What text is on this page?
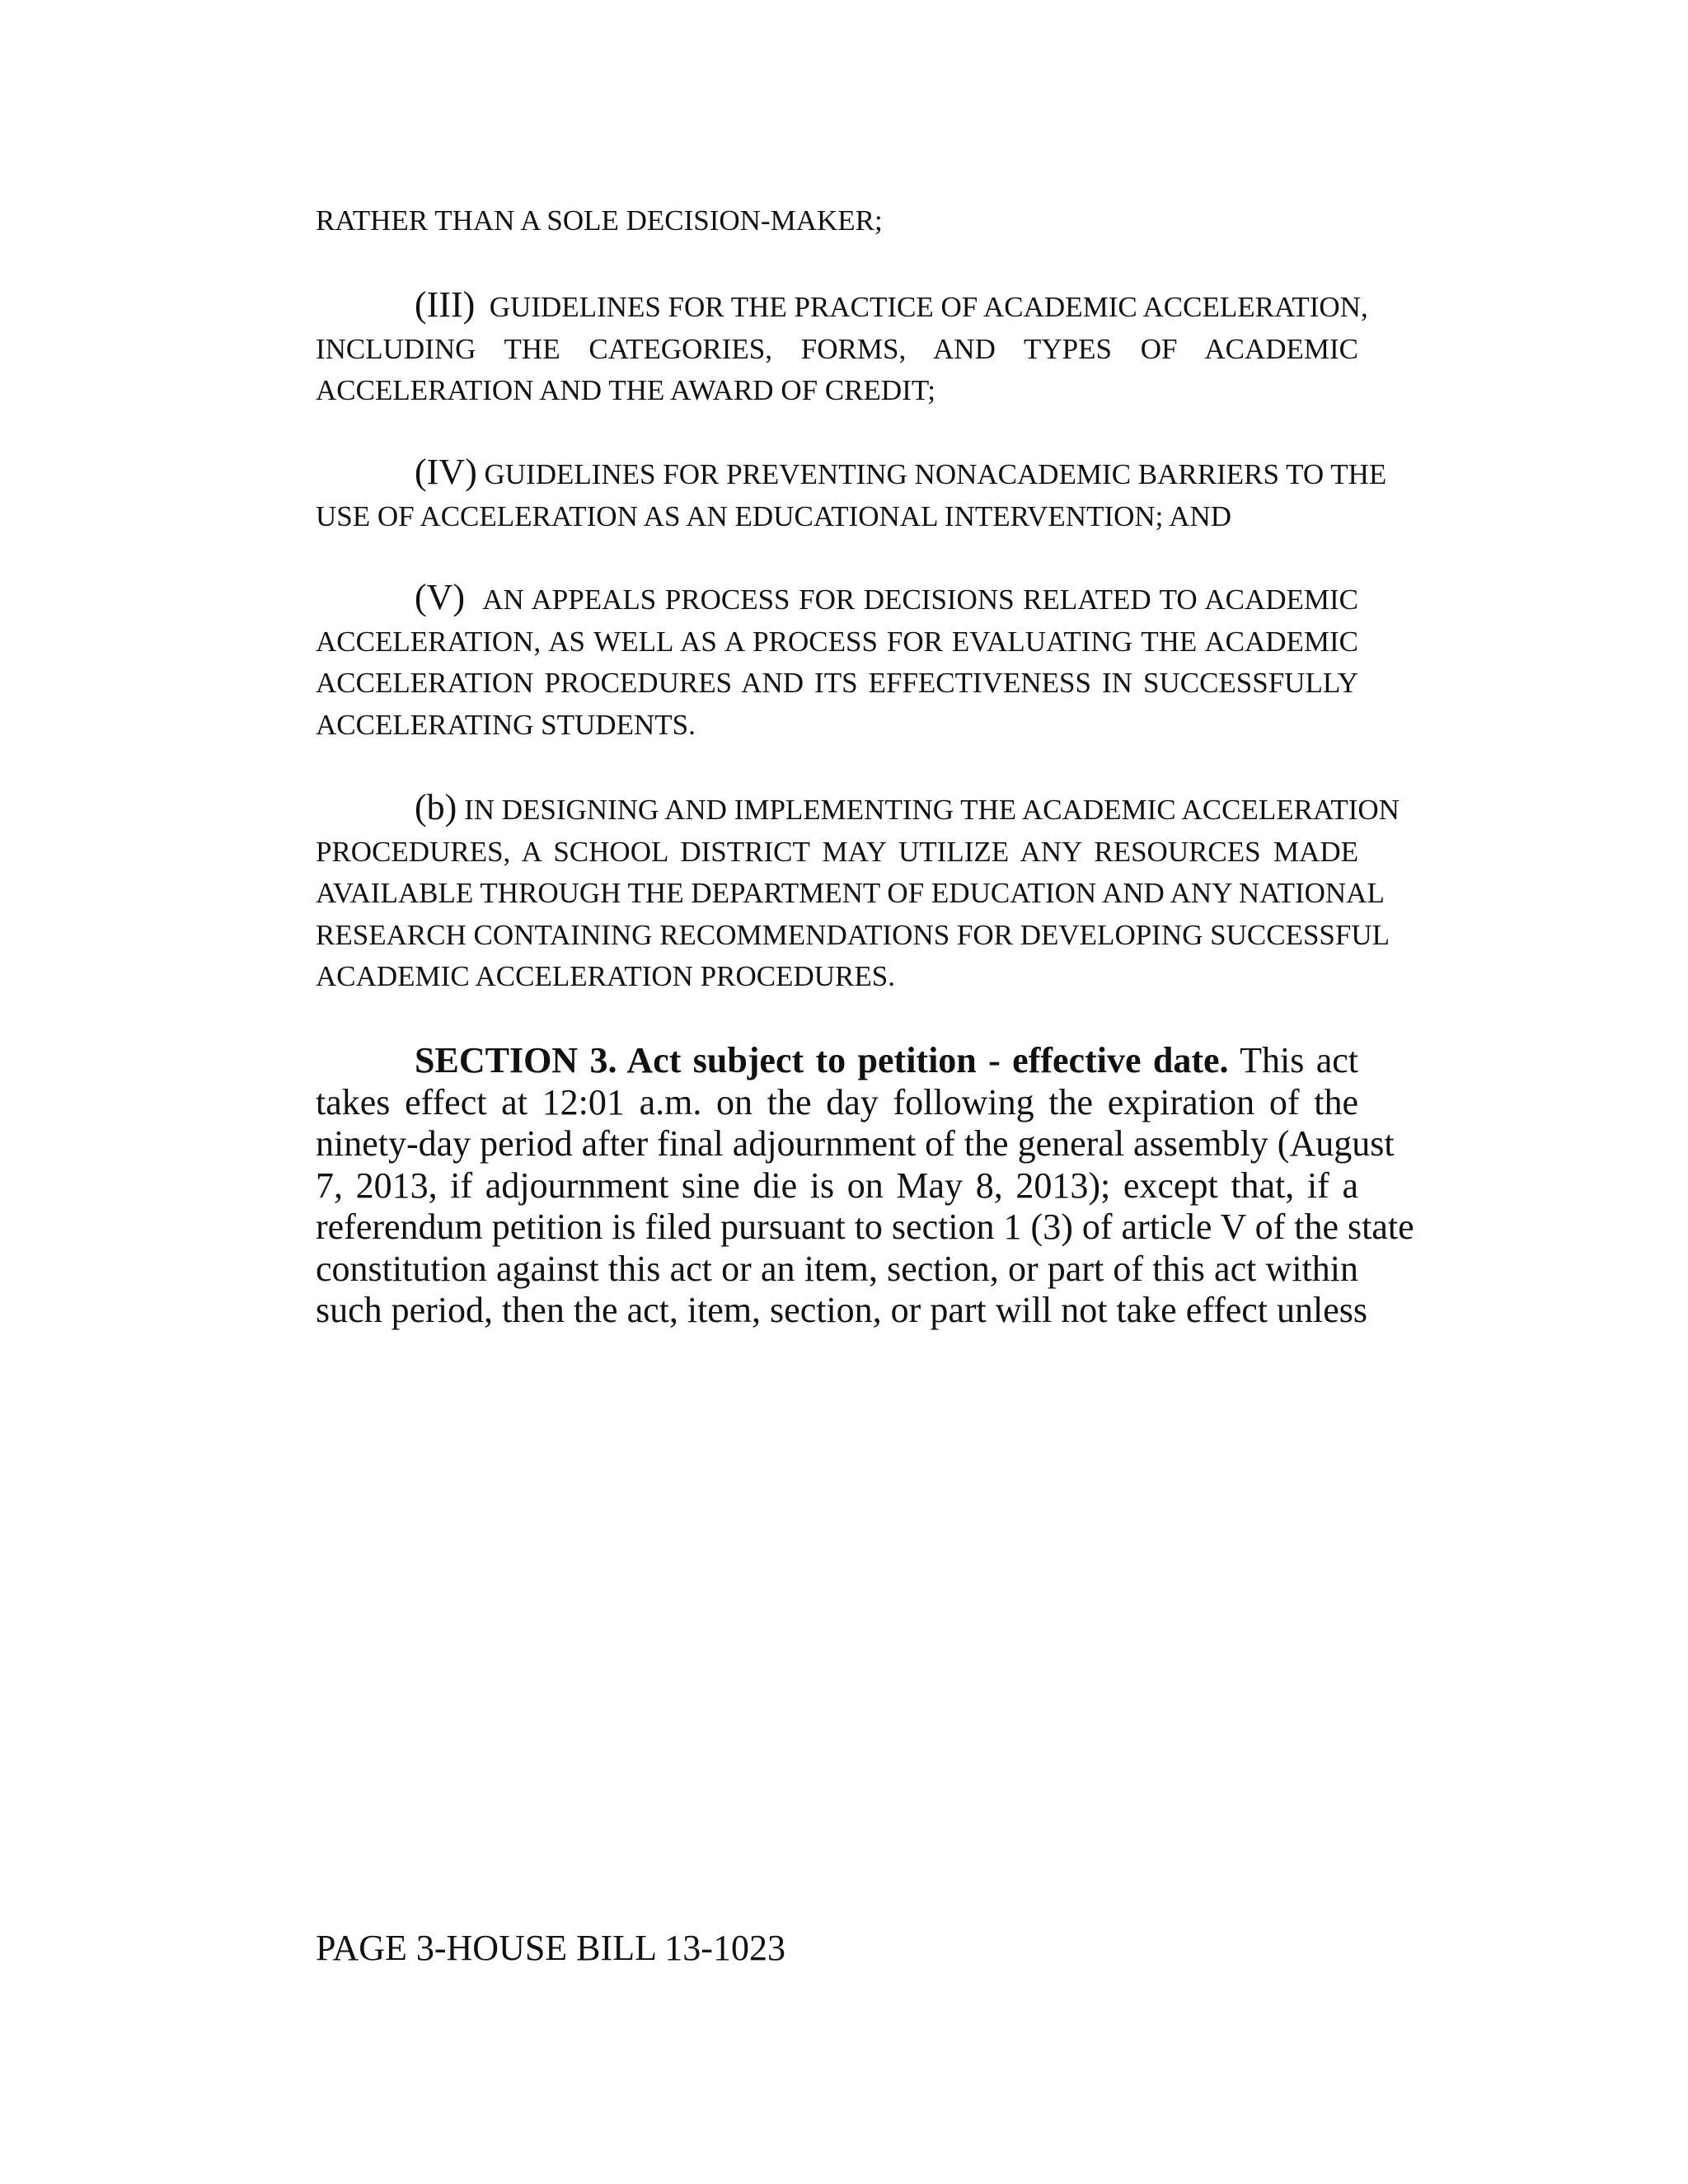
RATHER THAN A SOLE DECISION-MAKER;
(III) GUIDELINES FOR THE PRACTICE OF ACADEMIC ACCELERATION,
INCLUDING THE CATEGORIES, FORMS, AND TYPES OF ACADEMIC
ACCELERATION AND THE AWARD OF CREDIT;
(IV) GUIDELINES FOR PREVENTING NONACADEMIC BARRIERS TO THE
USE OF ACCELERATION AS AN EDUCATIONAL INTERVENTION; AND
(V) AN APPEALS PROCESS FOR DECISIONS RELATED TO ACADEMIC
ACCELERATION, AS WELL AS A PROCESS FOR EVALUATING THE ACADEMIC
ACCELERATION PROCEDURES AND ITS EFFECTIVENESS IN SUCCESSFULLY
ACCELERATING STUDENTS.
(b) IN DESIGNING AND IMPLEMENTING THE ACADEMIC ACCELERATION
PROCEDURES, A SCHOOL DISTRICT MAY UTILIZE ANY RESOURCES MADE
AVAILABLE THROUGH THE DEPARTMENT OF EDUCATION AND ANY NATIONAL
RESEARCH CONTAINING RECOMMENDATIONS FOR DEVELOPING SUCCESSFUL
ACADEMIC ACCELERATION PROCEDURES.
SECTION 3. Act subject to petition - effective date. This act
takes effect at 12:01 a.m. on the day following the expiration of the
ninety-day period after final adjournment of the general assembly (August
7, 2013, if adjournment sine die is on May 8, 2013); except that, if a
referendum petition is filed pursuant to section 1 (3) of article V of the state
constitution against this act or an item, section, or part of this act within
such period, then the act, item, section, or part will not take effect unless
PAGE 3-HOUSE BILL 13-1023
